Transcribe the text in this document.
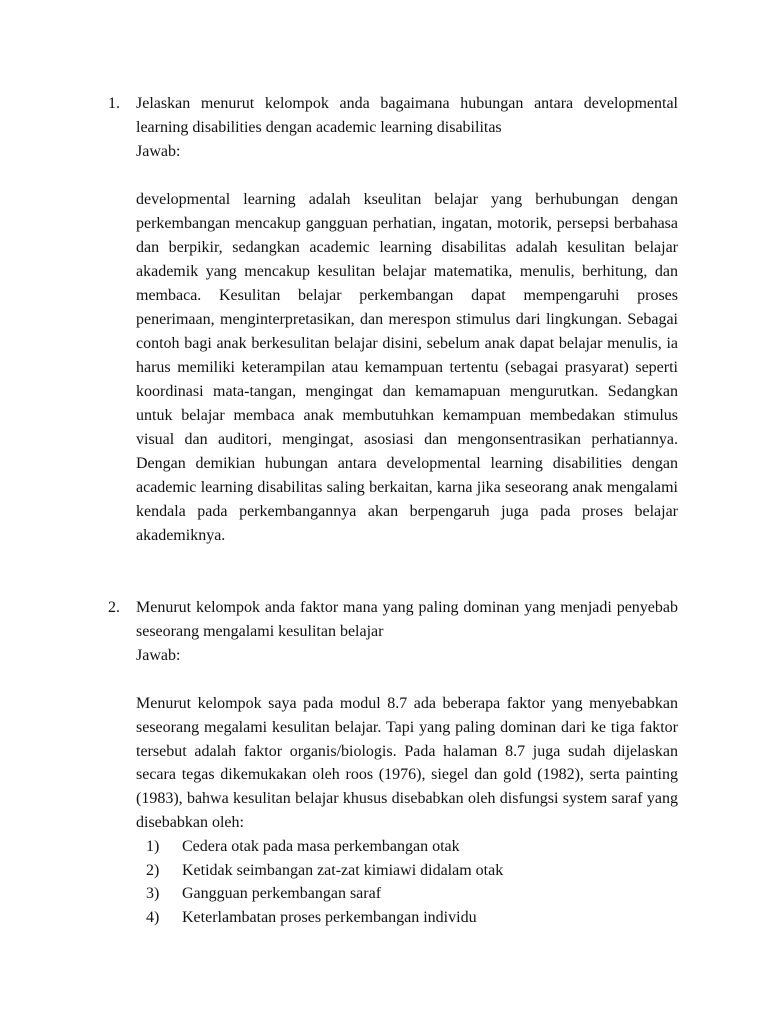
1. Jelaskan menurut kelompok anda bagaimana hubungan antara developmental learning disabilities dengan academic learning disabilitas
Jawab:
developmental learning adalah kseulitan belajar yang berhubungan dengan perkembangan mencakup gangguan perhatian, ingatan, motorik, persepsi berbahasa dan berpikir, sedangkan academic learning disabilitas adalah kesulitan belajar akademik yang mencakup kesulitan belajar matematika, menulis, berhitung, dan membaca. Kesulitan belajar perkembangan dapat mempengaruhi proses penerimaan, menginterpretasikan, dan merespon stimulus dari lingkungan. Sebagai contoh bagi anak berkesulitan belajar disini, sebelum anak dapat belajar menulis, ia harus memiliki keterampilan atau kemampuan tertentu (sebagai prasyarat) seperti koordinasi mata-tangan, mengingat dan kemamapuan mengurutkan. Sedangkan untuk belajar membaca anak membutuhkan kemampuan membedakan stimulus visual dan auditori, mengingat, asosiasi dan mengonsentrasikan perhatiannya. Dengan demikian hubungan antara developmental learning disabilities dengan academic learning disabilitas saling berkaitan, karna jika seseorang anak mengalami kendala pada perkembangannya akan berpengaruh juga pada proses belajar akademiknya.
2. Menurut kelompok anda faktor mana yang paling dominan yang menjadi penyebab seseorang mengalami kesulitan belajar
Jawab:
Menurut kelompok saya pada modul 8.7 ada beberapa faktor yang menyebabkan seseorang megalami kesulitan belajar. Tapi yang paling dominan dari ke tiga faktor tersebut adalah faktor organis/biologis. Pada halaman 8.7 juga sudah dijelaskan secara tegas dikemukakan oleh roos (1976), siegel dan gold (1982), serta painting (1983), bahwa kesulitan belajar khusus disebabkan oleh disfungsi system saraf yang disebabkan oleh:
1) Cedera otak pada masa perkembangan otak
2) Ketidak seimbangan zat-zat kimiawi didalam otak
3) Gangguan perkembangan saraf
4) Keterlambatan proses perkembangan individu
